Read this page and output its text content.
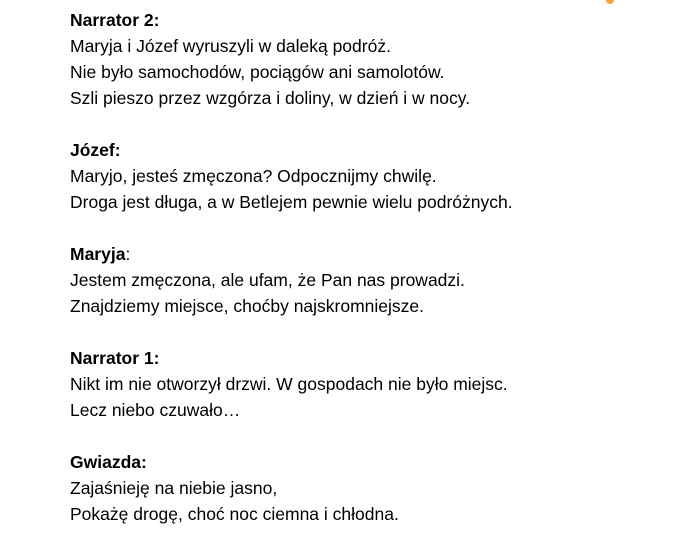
Narrator 2:
Maryja i Józef wyruszyli w daleką podróż.
Nie było samochodów, pociągów ani samolotów.
Szli pieszo przez wzgórza i doliny, w dzień i w nocy.
Józef:
Maryjo, jesteś zmęczona? Odpocznijmy chwilę.
Droga jest długa, a w Betlejem pewnie wielu podróżnych.
Maryja:
Jestem zmęczona, ale ufam, że Pan nas prowadzi.
Znajdziemy miejsce, choćby najskromniejsze.
Narrator 1:
Nikt im nie otworzył drzwi. W gospodach nie było miejsc.
Lecz niebo czuwało…
Gwiazda:
Zajaśnieję na niebie jasno,
Pokażę drogę, choć noc ciemna i chłodna.
